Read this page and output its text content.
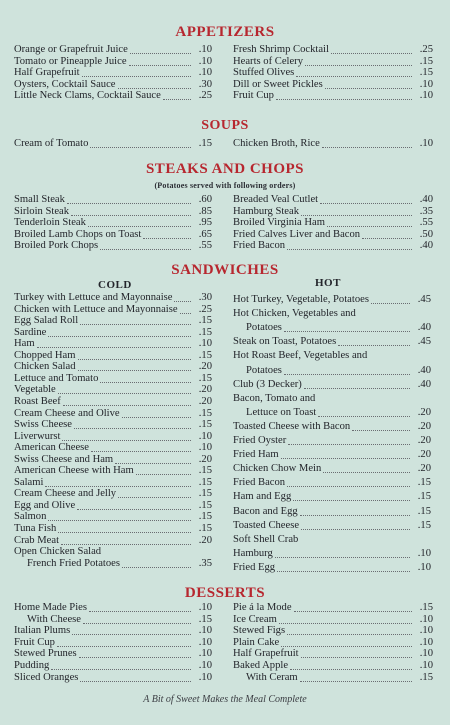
APPETIZERS
Orange or Grapefruit Juice	.10
Tomato or Pineapple Juice	.10
Half Grapefruit	.10
Oysters, Cocktail Sauce	.30
Little Neck Clams, Cocktail Sauce	.25
Fresh Shrimp Cocktail	.25
Hearts of Celery	.15
Stuffed Olives	.15
Dill or Sweet Pickles	.10
Fruit Cup	.10
SOUPS
Cream of Tomato	.15 Chicken Broth, Rice	.10
STEAKS AND CHOPS
(Potatoes served with following orders)
Small Steak	.60
Sirloin Steak	.85
Tenderloin Steak	.95
Broiled Lamb Chops on Toast	.65
Broiled Pork Chops	.55
Breaded Veal Cutlet	.40
Hamburg Steak	.35
Broiled Virginia Ham	.55
Fried Calves Liver and Bacon	.50
Fried Bacon	.40
SANDWICHES
COLD	HOT
Turkey with Lettuce and Mayonnaise .30
Chicken with Lettuce and Mayonnaise .25
Egg Salad Roll	.15
Sardine	.15
Ham	.10
Chopped Ham	.15
Chicken Salad	.20
Lettuce and Tomato	.15
Vegetable	.20
Roast Beef	.20
Cream Cheese and Olive	.15
Swiss Cheese	.15
Liverwurst	.10
American Cheese	.10
Swiss Cheese and Ham	.20
American Cheese with Ham	.15
Salami	.15
Cream Cheese and Jelly	.15
Egg and Olive	.15
Salmon	.15
Tuna Fish	.15
Crab Meat	.20
Open Chicken Salad
French Fried Potatoes	.35
Hot Turkey, Vegetable, Potatoes	.45
Hot Chicken, Vegetables and
Potatoes	.40
Steak on Toast, Potatoes	.45
Hot Roast Beef, Vegetables and
Potatoes	.40
Club (3 Decker)	.40
Bacon, Tomato and
Lettuce on Toast	.20
Toasted Cheese with Bacon	.20
Fried Oyster	.20
Fried Ham	.20
Chicken Chow Mein	.20
Fried Bacon	.15
Ham and Egg	.15
Bacon and Egg	.15
Toasted Cheese	.15
Soft Shell Crab
Hamburg	.10
Fried Egg	.10
DESSERTS
Home Made Pies	.10
With Cheese	.15
Italian Plums	.10
Fruit Cup	.10
Stewed Prunes	.10
Pudding	.10
Sliced Oranges	.10
Pie á la Mode	.15
Ice Cream	.10
Stewed Figs	.10
Plain Cake	.10
Half Grapefruit	.10
Baked Apple	.10
With Ceram	.15
A Bit of Sweet Makes the Meal Complete
